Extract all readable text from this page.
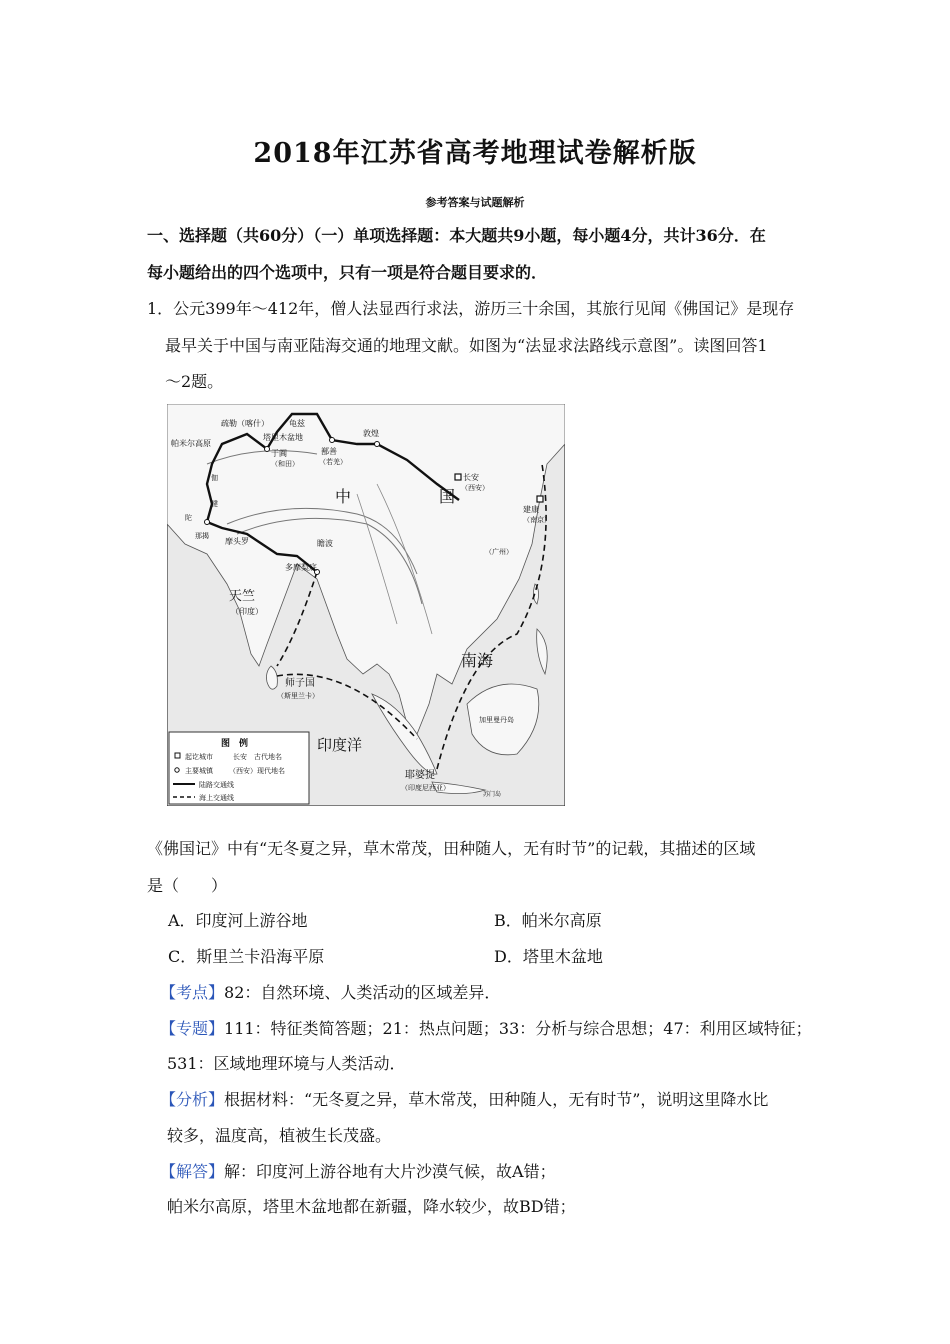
2018年江苏省高考地理试卷解析版
参考答案与试题解析
一、选择题（共60分）（一）单项选择题：本大题共9小题，每小题4分，共计36分．在
每小题给出的四个选项中，只有一项是符合题目要求的．
1．公元399年～412年，僧人法显西行求法，游历三十余国，其旅行见闻《佛国记》是现存
最早关于中国与南亚陆海交通的地理文献。如图为“法显求法路线示意图”。读图回答1
～2题。
疏勒（喀什）
帕米尔高原
龟兹
塔里木盆地
于阗
（和田）
敦煌
鄯善
（若羌）
中	国
长安
（西安）
建康
（南京）
（广州）
摩头罗
天竺
（印度）
多摩梨底
瞻波
师子国
（斯里兰卡）
南海
印度洋
耶婆提
（印度尼西亚）
加里曼丹岛
伽
犍
陀
那揭
苏门岛
图　例
起讫城市	长安　古代地名
主要城镇 （西安）现代地名
陆路交通线
海上交通线
《佛国记》中有“无冬夏之异，草木常茂，田种随人，无有时节”的记载，其描述的区域
是（　　）
A．印度河上游谷地	B．帕米尔高原
C．斯里兰卡沿海平原	D．塔里木盆地
【考点】82：自然环境、人类活动的区域差异．
【专题】111：特征类简答题；21：热点问题；33：分析与综合思想；47：利用区域特征；
531：区域地理环境与人类活动．
【分析】根据材料：“无冬夏之异，草木常茂，田种随人，无有时节”，说明这里降水比
较多，温度高，植被生长茂盛。
【解答】解：印度河上游谷地有大片沙漠气候，故A错；
帕米尔高原，塔里木盆地都在新疆，降水较少，故BD错；
